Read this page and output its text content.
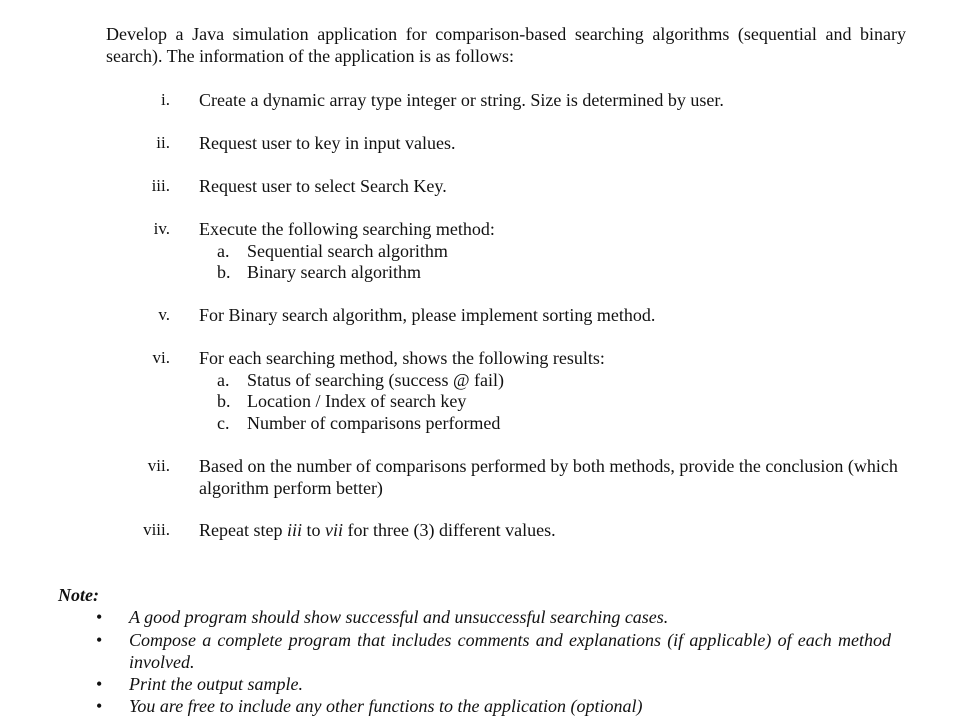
Develop a Java simulation application for comparison-based searching algorithms (sequential and binary search). The information of the application is as follows:
i. Create a dynamic array type integer or string. Size is determined by user.
ii. Request user to key in input values.
iii. Request user to select Search Key.
iv. Execute the following searching method:
a. Sequential search algorithm
b. Binary search algorithm
v. For Binary search algorithm, please implement sorting method.
vi. For each searching method, shows the following results:
a. Status of searching (success @ fail)
b. Location / Index of search key
c. Number of comparisons performed
vii. Based on the number of comparisons performed by both methods, provide the conclusion (which algorithm perform better)
viii. Repeat step iii to vii for three (3) different values.
Note:
• A good program should show successful and unsuccessful searching cases.
• Compose a complete program that includes comments and explanations (if applicable) of each method involved.
• Print the output sample.
• You are free to include any other functions to the application (optional)
